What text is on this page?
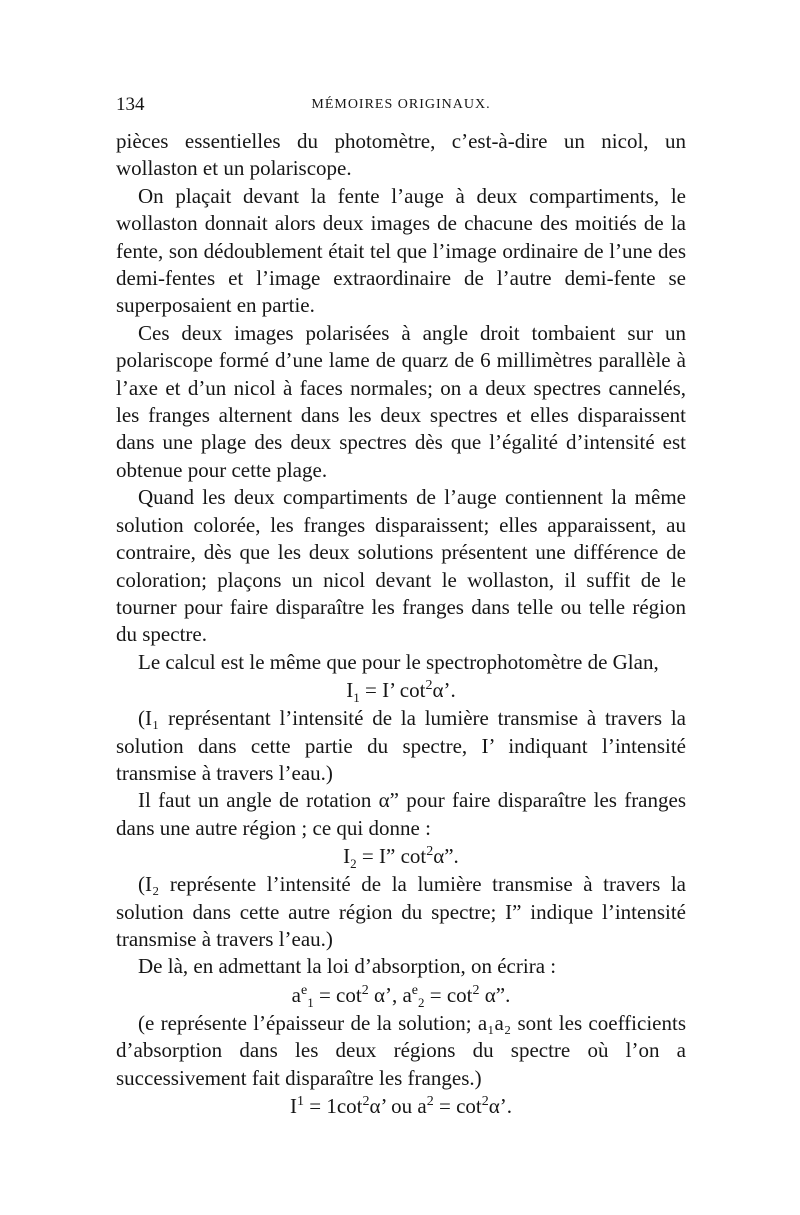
134	MÉMOIRES ORIGINAUX.

pièces essentielles du photomètre, c’est-à-dire un nicol, un wollaston et un polariscope.

On plaçait devant la fente l’auge à deux compartiments, le wollaston donnait alors deux images de chacune des moitiés de la fente, son dédoublement était tel que l’image ordinaire de l’une des demi-fentes et l’image extraordinaire de l’autre demi-fente se superposaient en partie.

Ces deux images polarisées à angle droit tombaient sur un polariscope formé d’une lame de quarz de 6 millimètres parallèle à l’axe et d’un nicol à faces normales; on a deux spectres cannelés, les franges alternent dans les deux spectres et elles disparaissent dans une plage des deux spectres dès que l’égalité d’intensité est obtenue pour cette plage.

Quand les deux compartiments de l’auge contiennent la même solution colorée, les franges disparaissent; elles apparaissent, au contraire, dès que les deux solutions présentent une différence de coloration; plaçons un nicol devant le wollaston, il suffit de le tourner pour faire disparaître les franges dans telle ou telle région du spectre.

Le calcul est le même que pour le spectrophotomètre de Glan,

$I_1 = I$’ $\cot^2\alpha$’.

(I₁ représentant l’intensité de la lumière transmise à travers la solution dans cette partie du spectre, I’ indiquant l’intensité transmise à travers l’eau.)

Il faut un angle de rotation α” pour faire disparaître les franges dans une autre région ; ce qui donne :

$I_2 = I$” $\cot^2\alpha$”.

(I₂ représente l’intensité de la lumière transmise à travers la solution dans cette autre région du spectre; I” indique l’intensité transmise à travers l’eau.)

De là, en admettant la loi d’absorption, on écrira :

$a^e_1 = \cot^2 \alpha$’, $a^e_2 = \cot^2 \alpha$”.

(e représente l’épaisseur de la solution; a₁a₂ sont les coefficients d’absorption dans les deux régions du spectre où l’on a successivement fait disparaître les franges.)

$I^1 = 1\cot^2\alpha$’ ou $a^2 = \cot^2\alpha$’.
